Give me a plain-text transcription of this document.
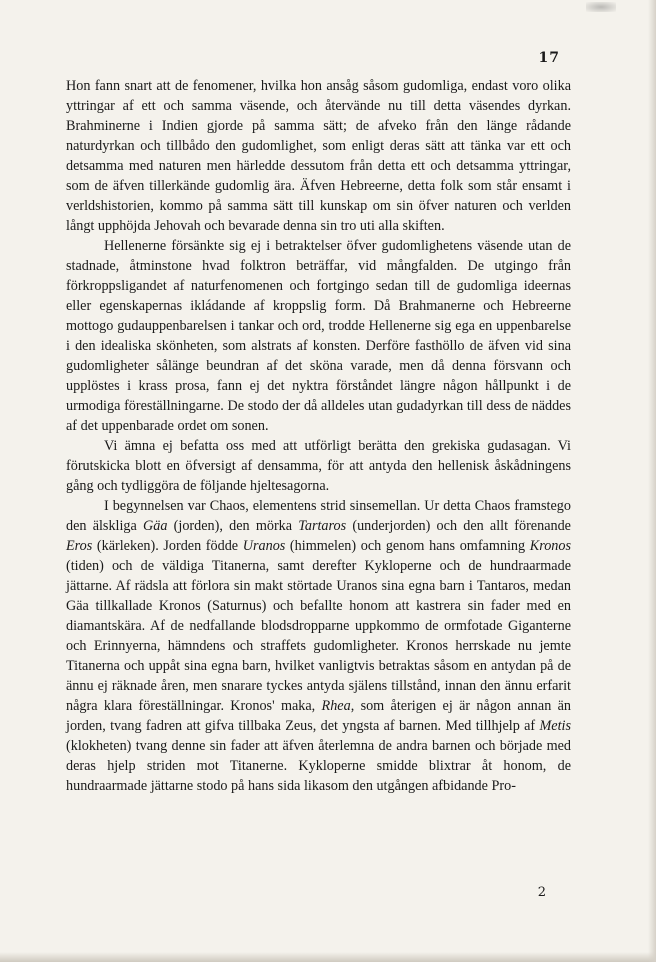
17

Hon fann snart att de fenomener, hvilka hon ansåg såsom gudomliga, endast voro olika yttringar af ett och samma väsende, och återvände nu till detta väsendes dyrkan. Brahminerne i Indien gjorde på samma sätt; de afveko från den länge rådande naturdyrkan och tillbådo den gudomlighet, som enligt deras sätt att tänka var ett och detsamma med naturen men härledde dessutom från detta ett och detsamma yttringar, som de äfven tillerkände gudomlig ära. Äfven Hebreerne, detta folk som står ensamt i verldshistorien, kommo på samma sätt till kunskap om sin öfver naturen och verlden långt upphöjda Jehovah och bevarade denna sin tro uti alla skiften.

Hellenerne försänkte sig ej i betraktelser öfver gudomlighetens väsende utan de stadnade, åtminstone hvad folktron beträffar, vid mångfalden. De utgingo från förkroppsligandet af naturfenomenen och fortgingo sedan till de gudomliga ideernas eller egenskapernas ikládande af kroppslig form. Då Brahmanerne och Hebreerne mottogo gudauppenbarelsen i tankar och ord, trodde Hellenerne sig ega en uppenbarelse i den idealiska skönheten, som alstrats af konsten. Derföre fasthöllo de äfven vid sina gudomligheter sålänge beundran af det sköna varade, men då denna försvann och upplöstes i krass prosa, fann ej det nyktra förståndet längre någon hållpunkt i de urmodiga föreställningarne. De stodo der då alldeles utan gudadyrkan till dess de näddes af det uppenbarade ordet om sonen.

Vi ämna ej befatta oss med att utförligt berätta den grekiska gudasagan. Vi förutskicka blott en öfversigt af densamma, för att antyda den hellenisk åskådningens gång och tydliggöra de följande hjeltesagorna.

I begynnelsen var Chaos, elementens strid sinsemellan. Ur detta Chaos framstego den älskliga Gäa (jorden), den mörka Tartaros (underjorden) och den allt förenande Eros (kärleken). Jorden födde Uranos (himmelen) och genom hans omfamning Kronos (tiden) och de väldiga Titanerna, samt derefter Kykloperne och de hundraarmade jättarne. Af rädsla att förlora sin makt störtade Uranos sina egna barn i Tantaros, medan Gäa tillkallade Kronos (Saturnus) och befallte honom att kastrera sin fader med en diamantskära. Af de nedfallande blodsdropparne uppkommo de ormfotade Giganterne och Erinnyerna, hämndens och straffets gudomligheter. Kronos herrskade nu jemte Titanerna och uppåt sina egna barn, hvilket vanligtvis betraktas såsom en antydan på de ännu ej räknade åren, men snarare tyckes antyda själens tillstånd, innan den ännu erfarit några klara föreställningar. Kronos' maka, Rhea, som återigen ej är någon annan än jorden, tvang fadren att gifva tillbaka Zeus, det yngsta af barnen. Med tillhjelp af Metis (klokheten) tvang denne sin fader att äfven återlemna de andra barnen och började med deras hjelp striden mot Titanerne. Kykloperne smidde blixtrar åt honom, de hundraarmade jättarne stodo på hans sida likasom den utgången afbidande Pro-

2
